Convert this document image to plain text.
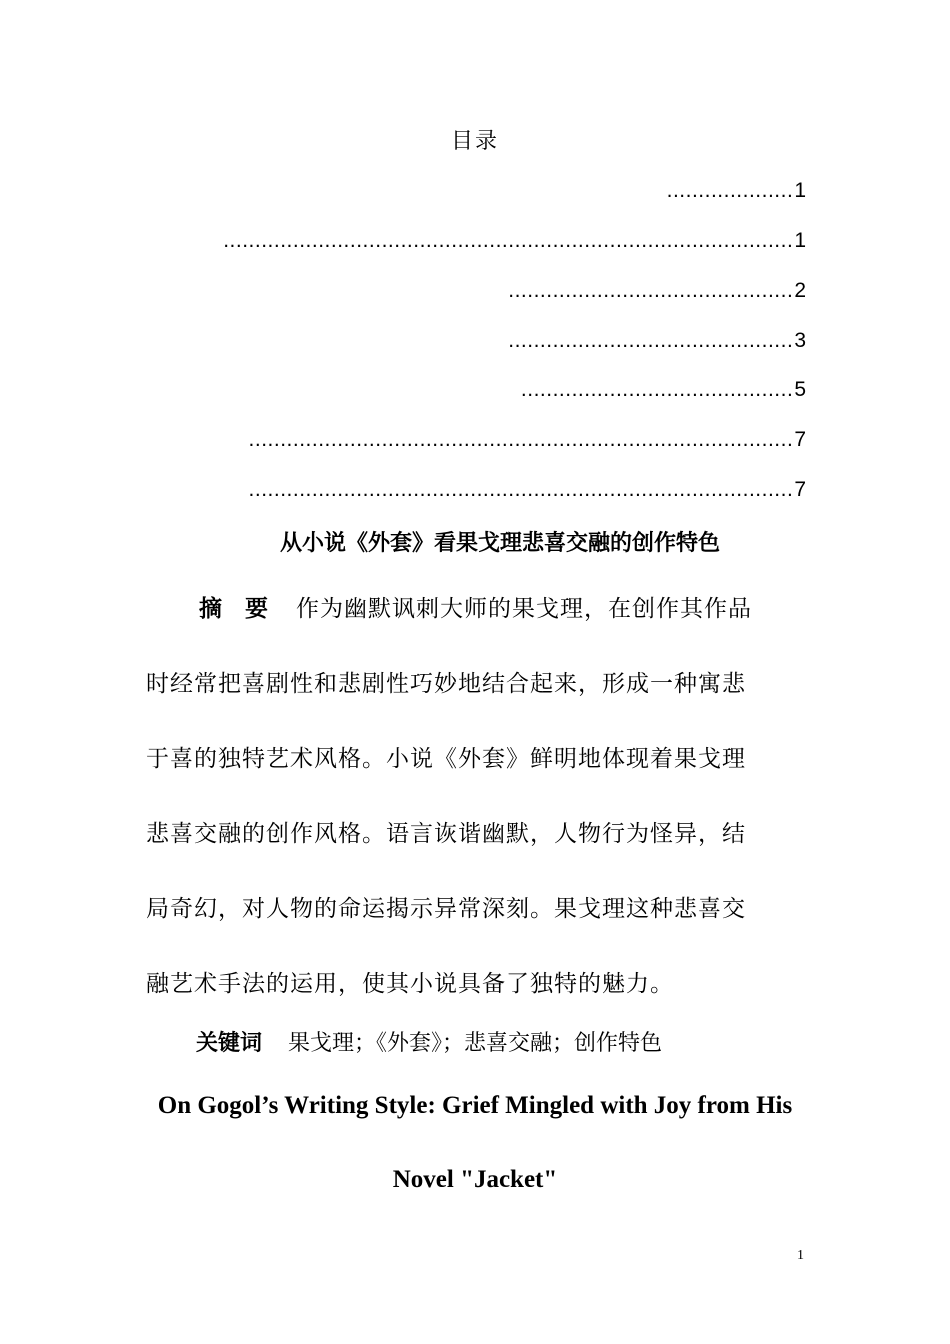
目录
.................... 1
.......................................................................................... 1
............................................. 2
............................................. 3
........................................... 5
...................................................................................... 7
...................................................................................... 7
从小说《外套》看果戈理悲喜交融的创作特色
摘　要 作为幽默讽刺大师的果戈理，在创作其作品
时经常把喜剧性和悲剧性巧妙地结合起来，形成一种寓悲
于喜的独特艺术风格。小说《外套》鲜明地体现着果戈理
悲喜交融的创作风格。语言诙谐幽默，人物行为怪异，结
局奇幻，对人物的命运揭示异常深刻。果戈理这种悲喜交
融艺术手法的运用，使其小说具备了独特的魅力。
关键词 果戈理；《外套》；悲喜交融；创作特色
On Gogol’s Writing Style: Grief Mingled with Joy from His
Novel "Jacket"
1
